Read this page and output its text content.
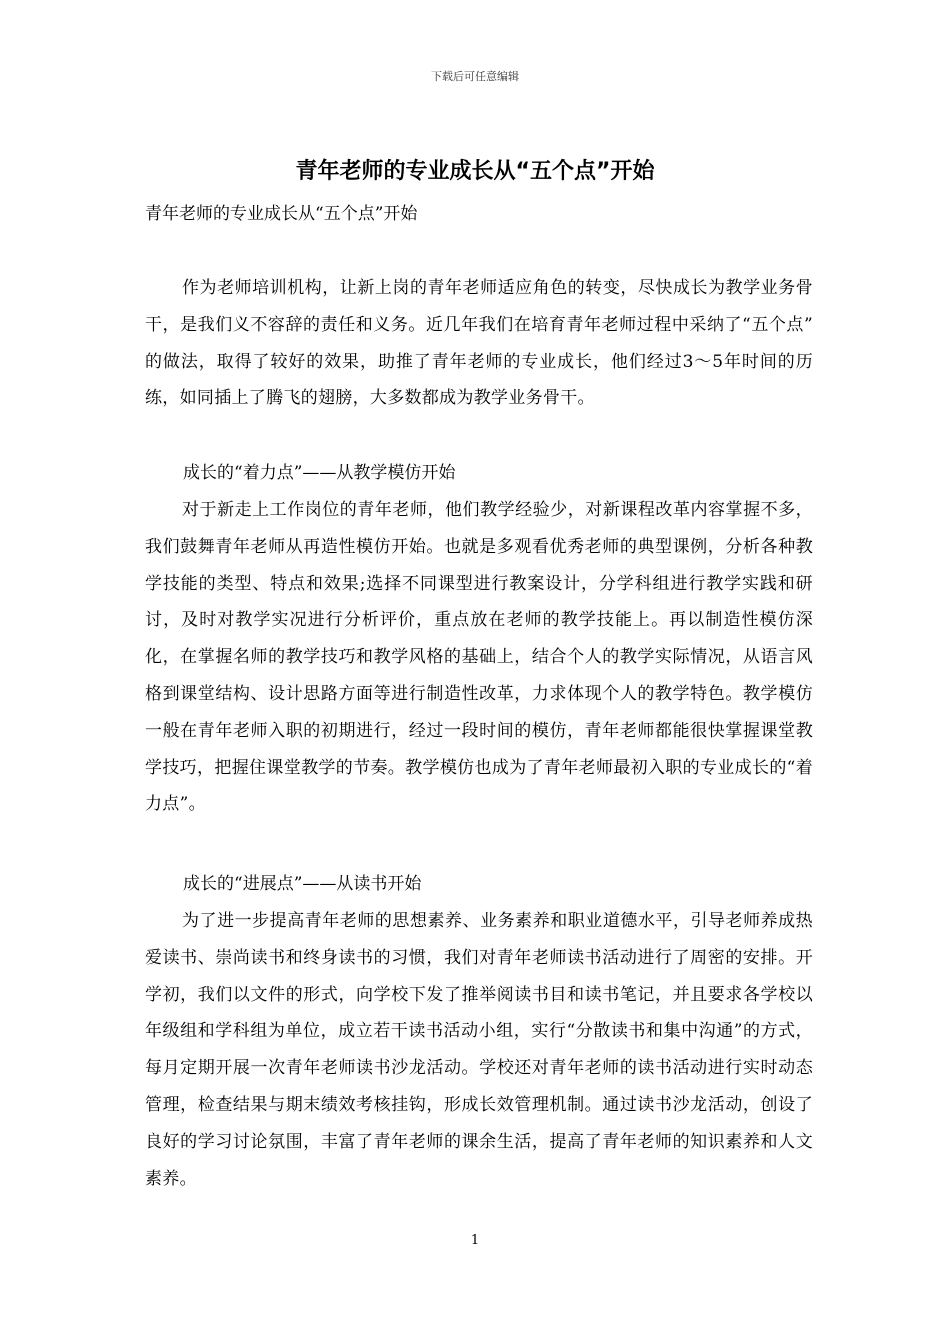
下载后可任意编辑
青年老师的专业成长从“五个点”开始

青年老师的专业成长从“五个点”开始

作为老师培训机构，让新上岗的青年老师适应角色的转变，尽快成长为教学业务骨干，是我们义不容辞的责任和义务。近几年我们在培育青年老师过程中采纳了“五个点” 的做法，取得了较好的效果，助推了青年老师的专业成长，他们经过3～5年时间的历练，如同插上了腾飞的翅膀，大多数都成为教学业务骨干。

成长的“着力点”——从教学模仿开始

对于新走上工作岗位的青年老师，他们教学经验少，对新课程改革内容掌握不多，我们鼓舞青年老师从再造性模仿开始。也就是多观看优秀老师的典型课例，分析各种教学技能的类型、特点和效果;选择不同课型进行教案设计，分学科组进行教学实践和研讨，及时对教学实况进行分析评价，重点放在老师的教学技能上。再以制造性模仿深化，在掌握名师的教学技巧和教学风格的基础上，结合个人的教学实际情况，从语言风格到课堂结构、设计思路方面等进行制造性改革，力求体现个人的教学特色。教学模仿一般在青年老师入职的初期进行，经过一段时间的模仿，青年老师都能很快掌握课堂教学技巧，把握住课堂教学的节奏。教学模仿也成为了青年老师最初入职的专业成长的“着力点”。

成长的“进展点”——从读书开始

为了进一步提高青年老师的思想素养、业务素养和职业道德水平，引导老师养成热爱读书、崇尚读书和终身读书的习惯，我们对青年老师读书活动进行了周密的安排。开学初，我们以文件的形式，向学校下发了推举阅读书目和读书笔记，并且要求各学校以年级组和学科组为单位，成立若干读书活动小组，实行“分散读书和集中沟通”的方式，每月定期开展一次青年老师读书沙龙活动。学校还对青年老师的读书活动进行实时动态管理，检查结果与期末绩效考核挂钩，形成长效管理机制。通过读书沙龙活动，创设了良好的学习讨论氛围，丰富了青年老师的课余生活，提高了青年老师的知识素养和人文素养。

1
